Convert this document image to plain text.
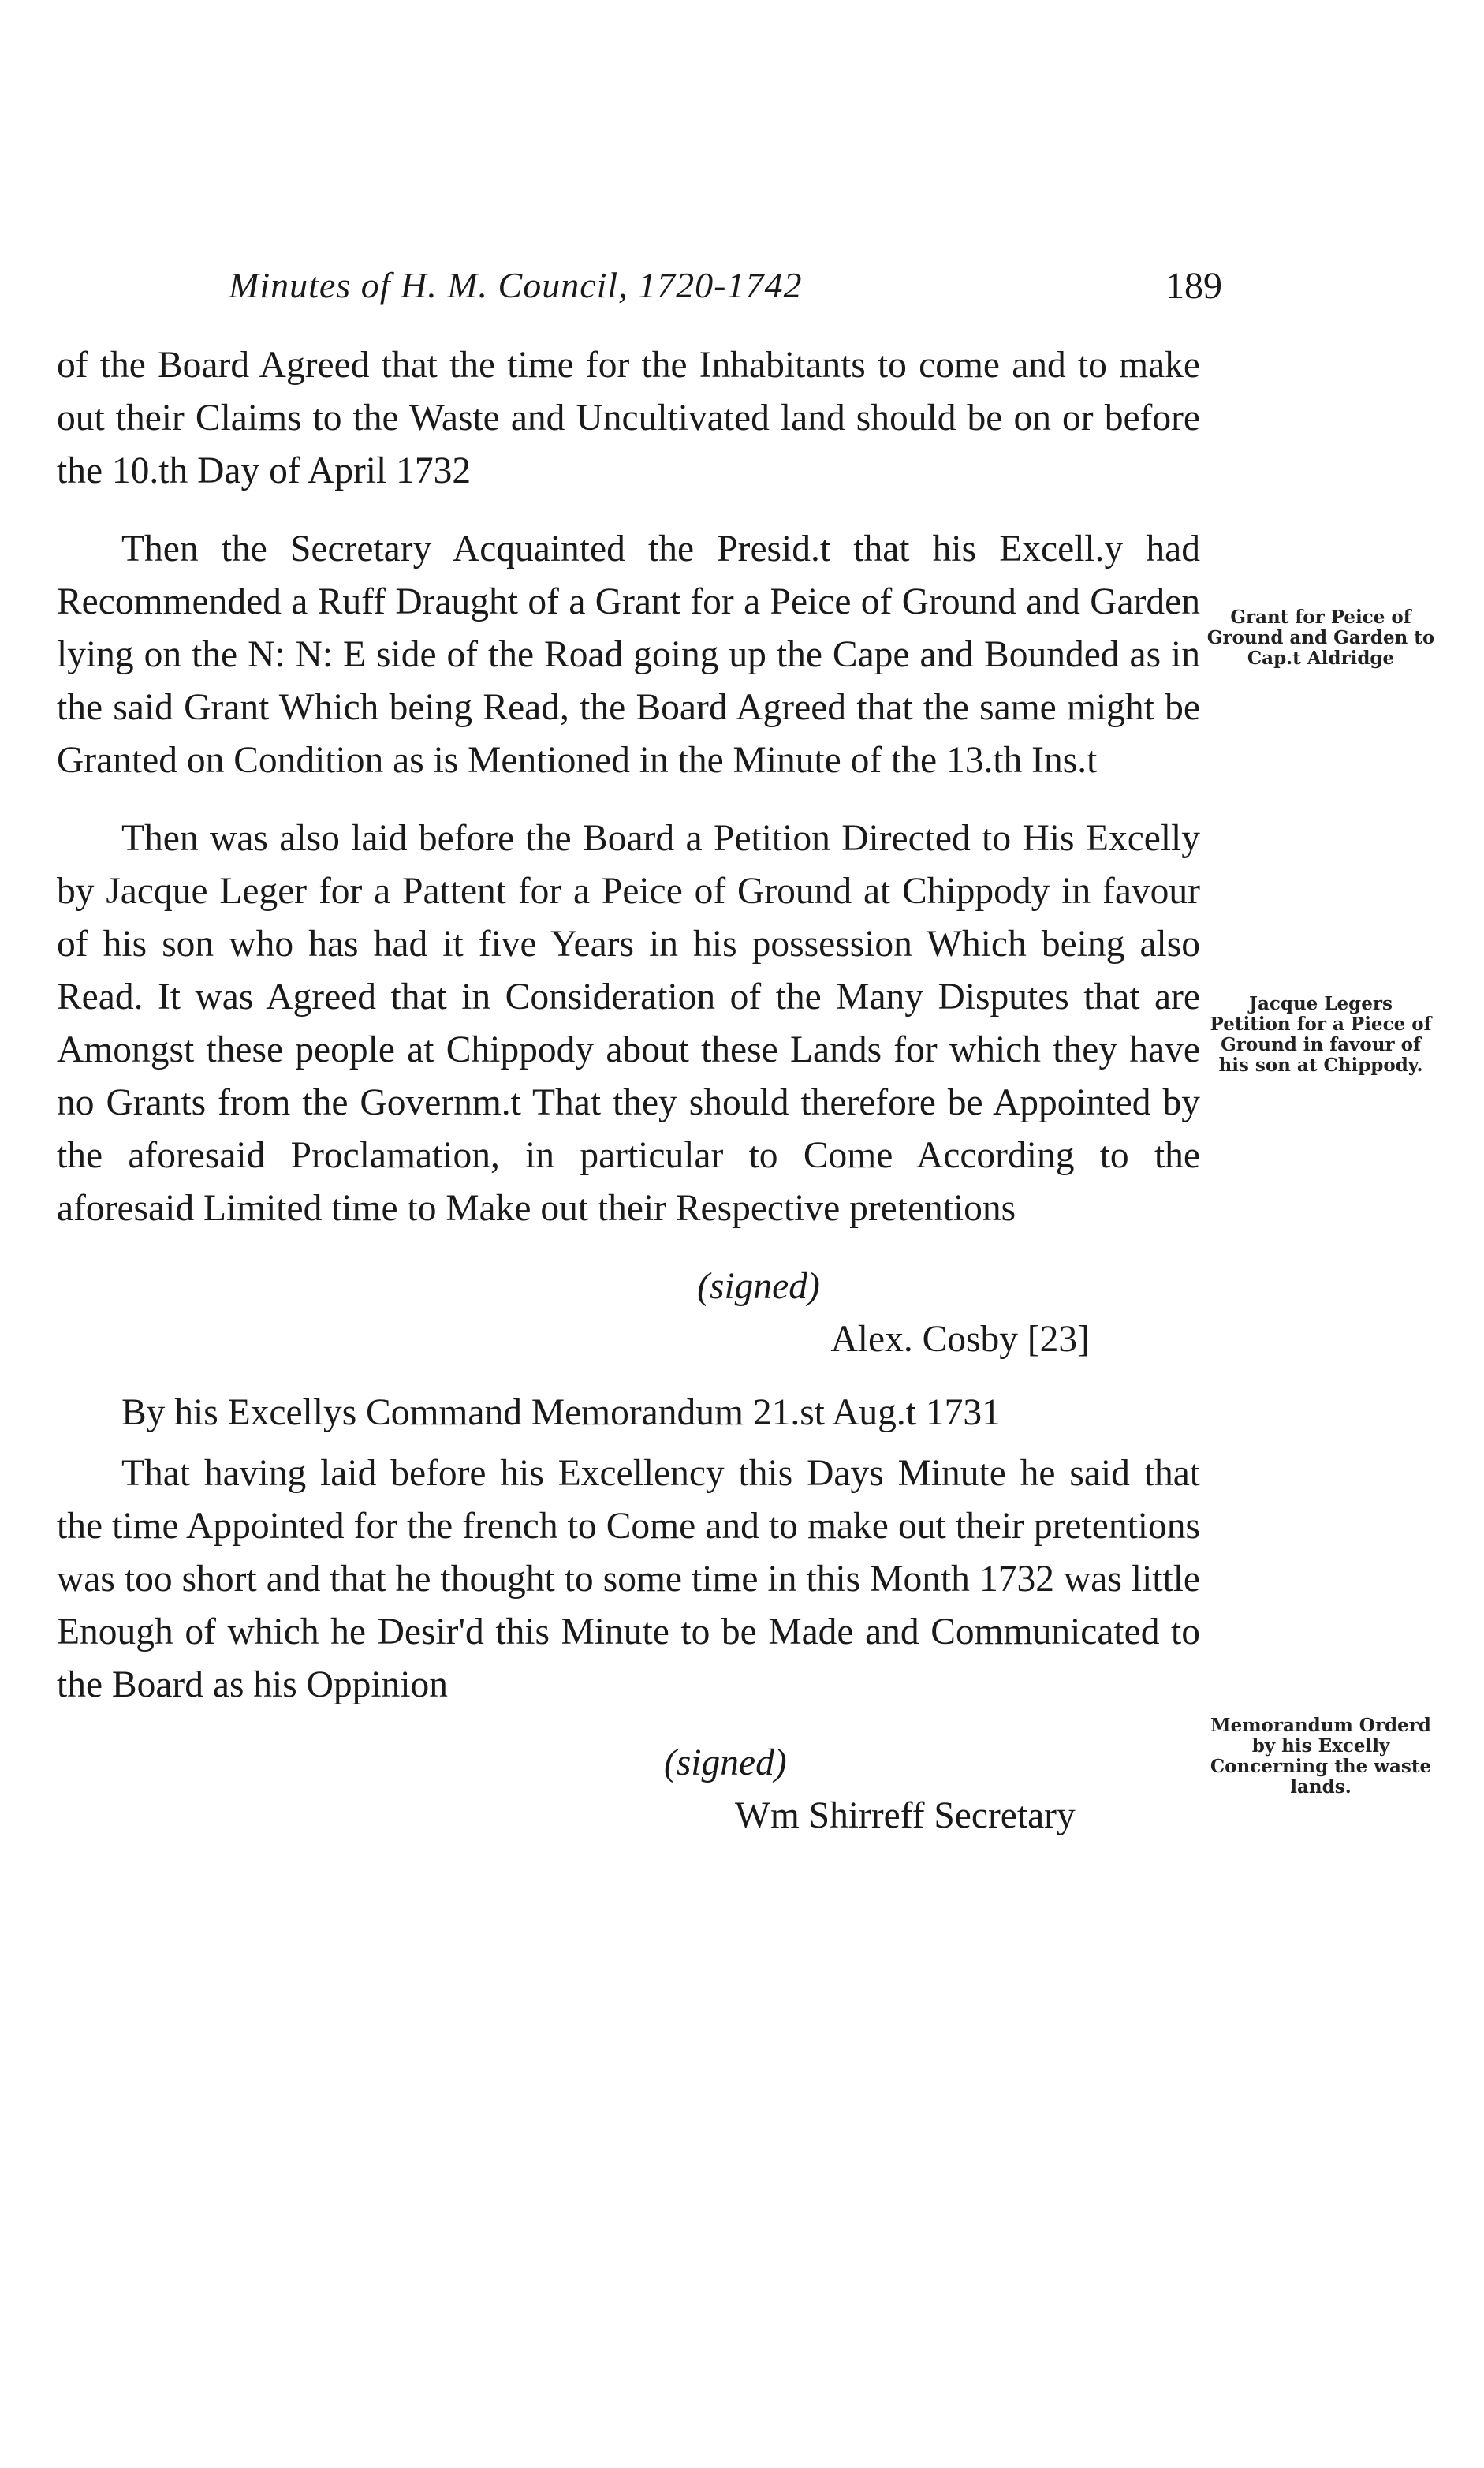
Minutes of H. M. Council, 1720-1742	189

of the Board Agreed that the time for the Inhabitants to come and to make out their Claims to the Waste and Uncultivated land should be on or before the 10.th Day of April 1732

Then the Secretary Acquainted the Presid.t that his Excell.y had Recommended a Ruff Draught of a Grant for a Peice of Ground and Garden lying on the N: N: E side of the Road going up the Cape and Bounded as in the said Grant Which being Read, the Board Agreed that the same might be Granted on Condition as is Mentioned in the Minute of the 13.th Ins.t

Then was also laid before the Board a Petition Directed to His Excelly by Jacque Leger for a Pattent for a Peice of Ground at Chippody in favour of his son who has had it five Years in his possession Which being also Read. It was Agreed that in Consideration of the Many Disputes that are Amongst these people at Chippody about these Lands for which they have no Grants from the Governm.t That they should therefore be Appointed by the aforesaid Proclamation, in particular to Come According to the aforesaid Limited time to Make out their Respective pretentions

(signed)

Alex. Cosby [23]

By his Excellys Command Memorandum 21.st Aug.t 1731

That having laid before his Excellency this Days Minute he said that the time Appointed for the french to Come and to make out their pretentions was too short and that he thought to some time in this Month 1732 was little Enough of which he Desir'd this Minute to be Made and Communicated to the Board as his Oppinion

(signed)

Wm Shirreff Secretary

Grant for Peice of Ground and Garden to Cap.t Aldridge
Jacque Legers Petition for a Piece of Ground in favour of his son at Chippody.
Memorandum Orderd by his Excelly Concerning the waste lands.
